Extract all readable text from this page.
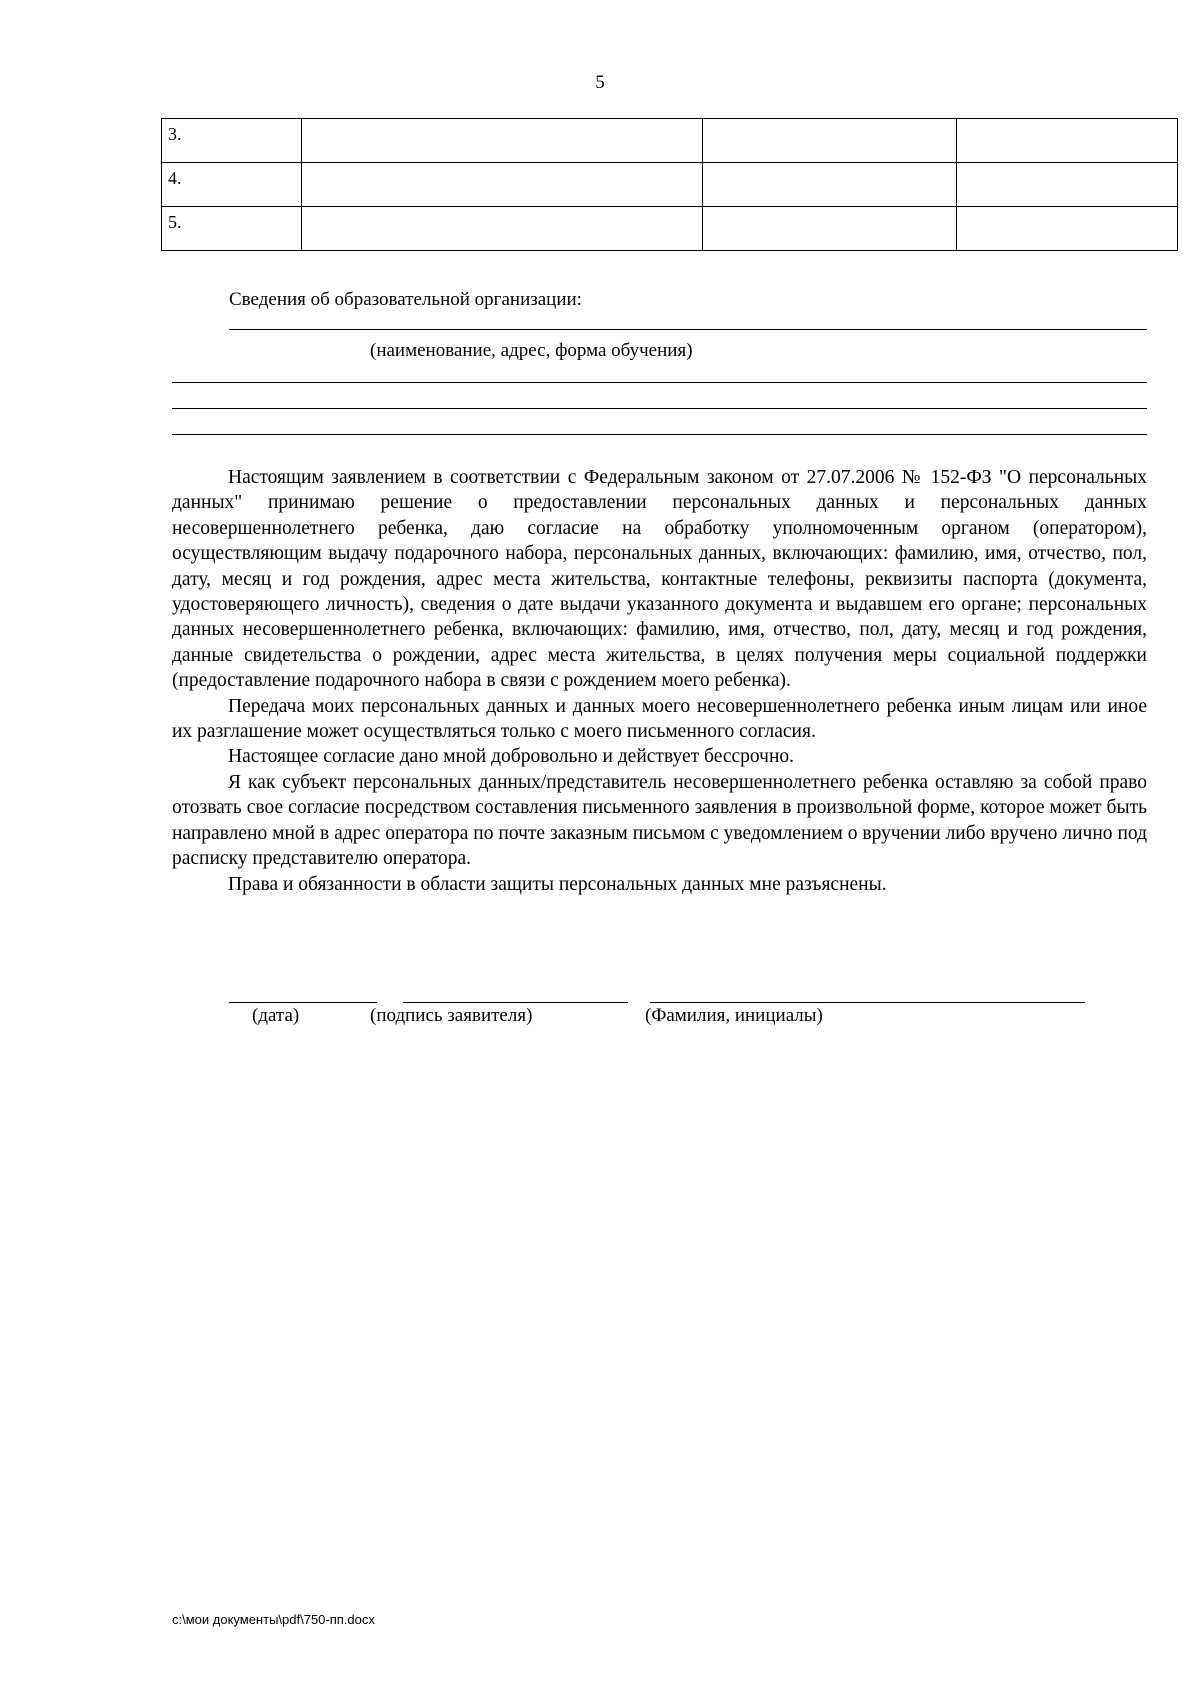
5
3.			
4.			
5.			
Сведения об образовательной организации:
(наименование, адрес, форма обучения)

Настоящим заявлением в соответствии с Федеральным законом от 27.07.2006 № 152-ФЗ "О персональных данных" принимаю решение о предоставлении персональных данных и персональных данных несовершеннолетнего ребенка, даю согласие на обработку уполномоченным органом (оператором), осуществляющим выдачу подарочного набора, персональных данных, включающих: фамилию, имя, отчество, пол, дату, месяц и год рождения, адрес места жительства, контактные телефоны, реквизиты паспорта (документа, удостоверяющего личность), сведения о дате выдачи указанного документа и выдавшем его органе; персональных данных несовершеннолетнего ребенка, включающих: фамилию, имя, отчество, пол, дату, месяц и год рождения, данные свидетельства о рождении, адрес места жительства, в целях получения меры социальной поддержки (предоставление подарочного набора в связи с рождением моего ребенка).

Передача моих персональных данных и данных моего несовершеннолетнего ребенка иным лицам или иное их разглашение может осуществляться только с моего письменного согласия.

Настоящее согласие дано мной добровольно и действует бессрочно.

Я как субъект персональных данных/представитель несовершеннолетнего ребенка оставляю за собой право отозвать свое согласие посредством составления письменного заявления в произвольной форме, которое может быть направлено мной в адрес оператора по почте заказным письмом с уведомлением о вручении либо вручено лично под расписку представителю оператора.

Права и обязанности в области защиты персональных данных мне разъяснены.

(дата)	(подпись заявителя)	(Фамилия, инициалы)
c:\мои документы\pdf\750-пп.docx
